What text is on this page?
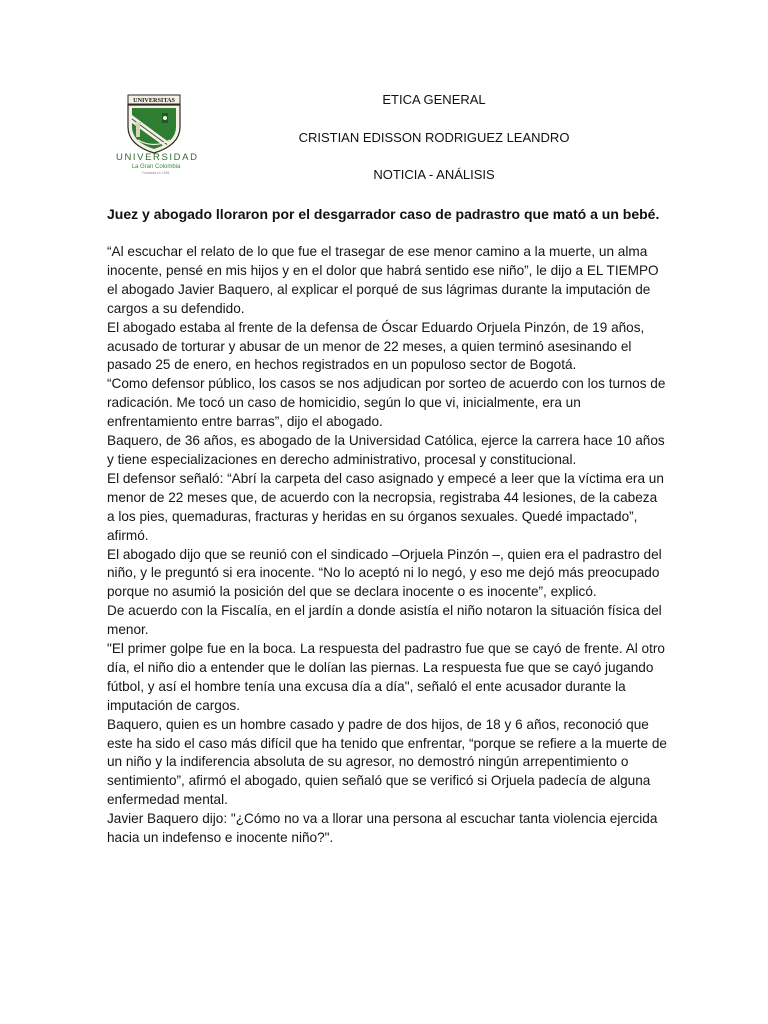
UNIVERSITAS
UNIVERSIDAD
La Gran Colombia
Fundada en 1951
ETICA GENERAL
CRISTIAN EDISSON RODRIGUEZ LEANDRO
NOTICIA - ANÁLISIS
Juez y abogado lloraron por el desgarrador caso de padrastro que mató a un bebé.

“Al escuchar el relato de lo que fue el trasegar de ese menor camino a la muerte, un alma inocente, pensé en mis hijos y en el dolor que habrá sentido ese niño”, le dijo a EL TIEMPO el abogado Javier Baquero, al explicar el porqué de sus lágrimas durante la imputación de cargos a su defendido.

El abogado estaba al frente de la defensa de Óscar Eduardo Orjuela Pinzón, de 19 años, acusado de torturar y abusar de un menor de 22 meses, a quien terminó asesinando el pasado 25 de enero, en hechos registrados en un populoso sector de Bogotá.

“Como defensor público, los casos se nos adjudican por sorteo de acuerdo con los turnos de radicación. Me tocó un caso de homicidio, según lo que vi, inicialmente, era un enfrentamiento entre barras”, dijo el abogado.

Baquero, de 36 años, es abogado de la Universidad Católica, ejerce la carrera hace 10 años y tiene especializaciones en derecho administrativo, procesal y constitucional.

El defensor señaló: “Abrí la carpeta del caso asignado y empecé a leer que la víctima era un menor de 22 meses que, de acuerdo con la necropsia, registraba 44 lesiones, de la cabeza a los pies, quemaduras, fracturas y heridas en su órganos sexuales. Quedé impactado”, afirmó.

El abogado dijo que se reunió con el sindicado –Orjuela Pinzón –, quien era el padrastro del niño, y le preguntó si era inocente. “No lo aceptó ni lo negó, y eso me dejó más preocupado porque no asumió la posición del que se declara inocente o es inocente”, explicó.

De acuerdo con la Fiscalía, en el jardín a donde asistía el niño notaron la situación física del menor.

"El primer golpe fue en la boca. La respuesta del padrastro fue que se cayó de frente. Al otro día, el niño dio a entender que le dolían las piernas. La respuesta fue que se cayó jugando fútbol, y así el hombre tenía una excusa día a día", señaló el ente acusador durante la imputación de cargos.

Baquero, quien es un hombre casado y padre de dos hijos, de 18 y 6 años, reconoció que este ha sido el caso más difícil que ha tenido que enfrentar, “porque se refiere a la muerte de un niño y la indiferencia absoluta de su agresor, no demostró ningún arrepentimiento o sentimiento”, afirmó el abogado, quien señaló que se verificó si Orjuela padecía de alguna enfermedad mental.

Javier Baquero dijo: "¿Cómo no va a llorar una persona al escuchar tanta violencia ejercida hacia un indefenso e inocente niño?".
